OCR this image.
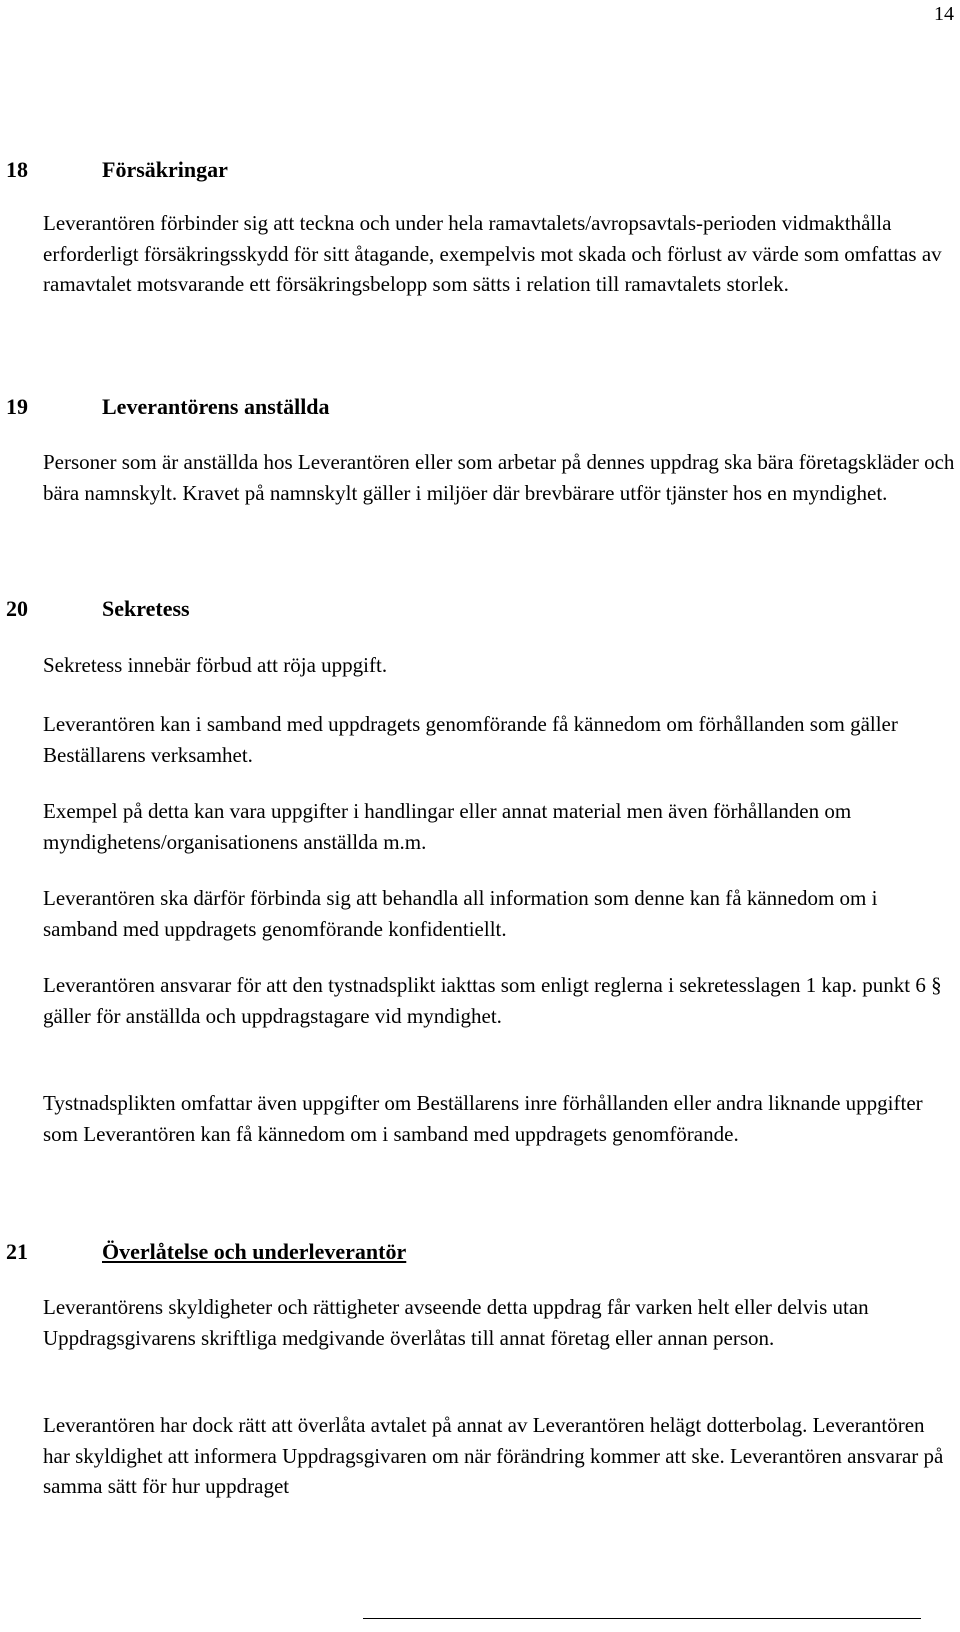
14
18	Försäkringar

Leverantören förbinder sig att teckna och under hela ramavtalets/avropsavtals-perioden vidmakthålla erforderligt försäkringsskydd för sitt åtagande, exempelvis mot skada och förlust av värde som omfattas av ramavtalet motsvarande ett försäkringsbelopp som sätts i relation till ramavtalets storlek.

19	Leverantörens anställda

Personer som är anställda hos Leverantören eller som arbetar på dennes uppdrag ska bära företagskläder och bära namnskylt. Kravet på namnskylt gäller i miljöer där brevbärare utför tjänster hos en myndighet.

20	Sekretess

Sekretess innebär förbud att röja uppgift.

Leverantören kan i samband med uppdragets genomförande få kännedom om förhållanden som gäller Beställarens verksamhet.

Exempel på detta kan vara uppgifter i handlingar eller annat material men även förhållanden om myndighetens/organisationens anställda m.m.

Leverantören ska därför förbinda sig att behandla all information som denne kan få kännedom om i samband med uppdragets genomförande konfidentiellt.

Leverantören ansvarar för att den tystnadsplikt iakttas som enligt reglerna i sekretesslagen 1 kap. punkt 6 § gäller för anställda och uppdragstagare vid myndighet.

Tystnadsplikten omfattar även uppgifter om Beställarens inre förhållanden eller andra liknande uppgifter som Leverantören kan få kännedom om i samband med uppdragets genomförande.

21	Överlåtelse och underleverantör

Leverantörens skyldigheter och rättigheter avseende detta uppdrag får varken helt eller delvis utan Uppdragsgivarens skriftliga medgivande överlåtas till annat företag eller annan person.

Leverantören har dock rätt att överlåta avtalet på annat av Leverantören helägt dotterbolag. Leverantören har skyldighet att informera Uppdragsgivaren om när förändring kommer att ske. Leverantören ansvarar på samma sätt för hur uppdraget
